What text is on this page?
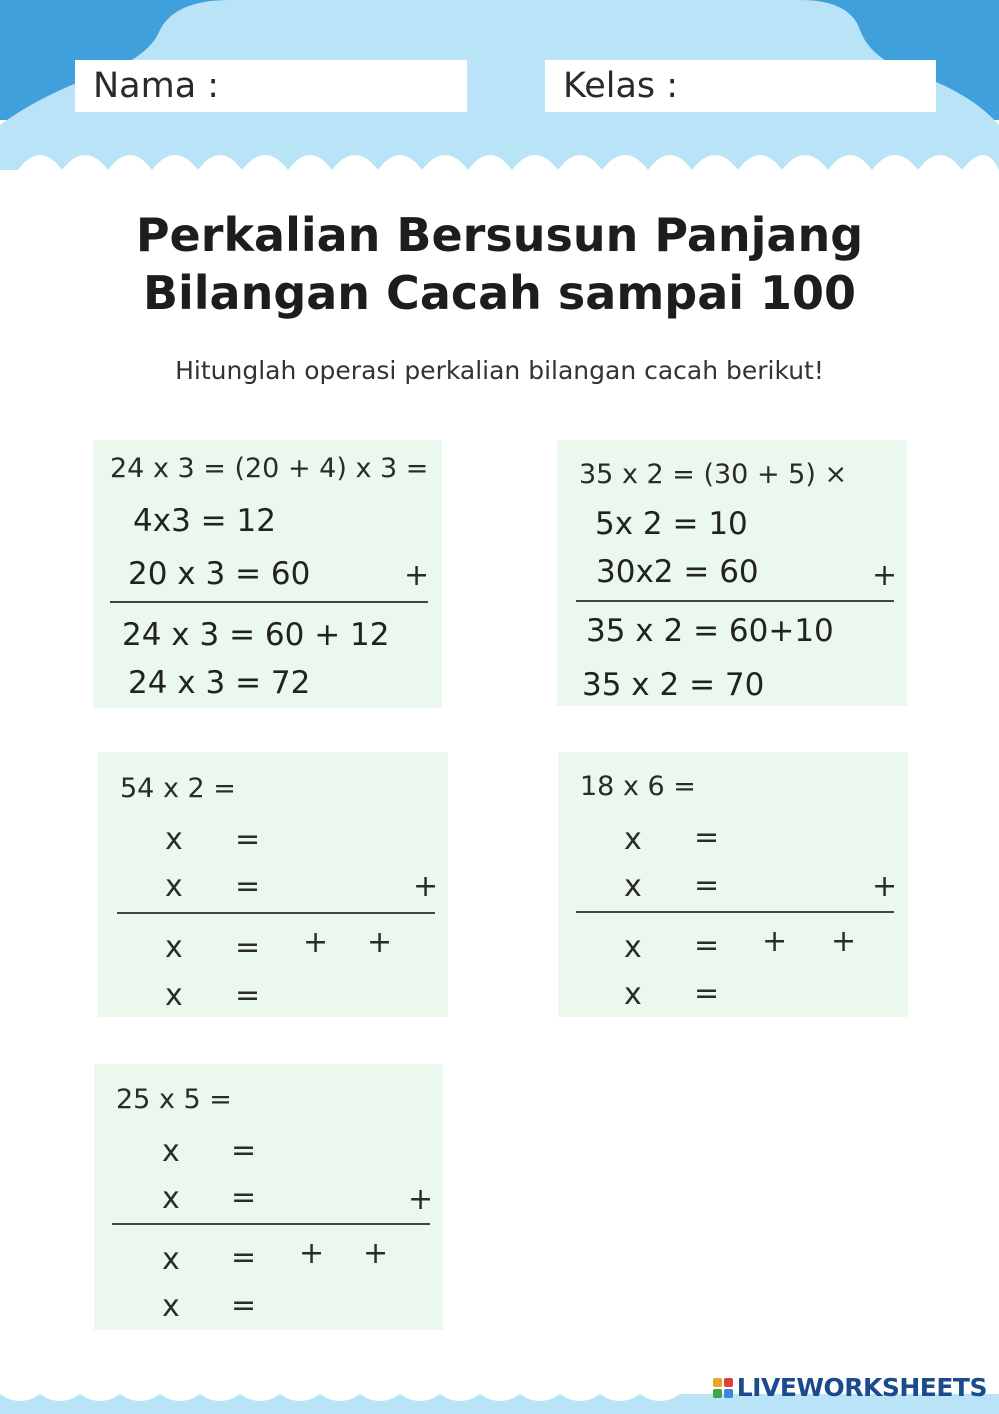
Nama :	Kelas :
Perkalian Bersusun Panjang
Bilangan Cacah sampai 100
Hitunglah operasi perkalian bilangan cacah berikut!
24 x 3 = (20 + 4) x 3 =
4x3 = 12
20 x 3 = 60	+
24 x 3 = 60 + 12
24 x 3 = 72
35 x 2 = (30 + 5) ×
5x 2 = 10
30x2 = 60	+
35 x 2 = 60+10
35 x 2 = 70
54 x 2 =
x =
x =	+
x = + +
x =
18 x 6 =
x =
x =	+
x = + +
x =
25 x 5 =
x =
x =	+
x = + +
x =
LIVEWORKSHEETS
